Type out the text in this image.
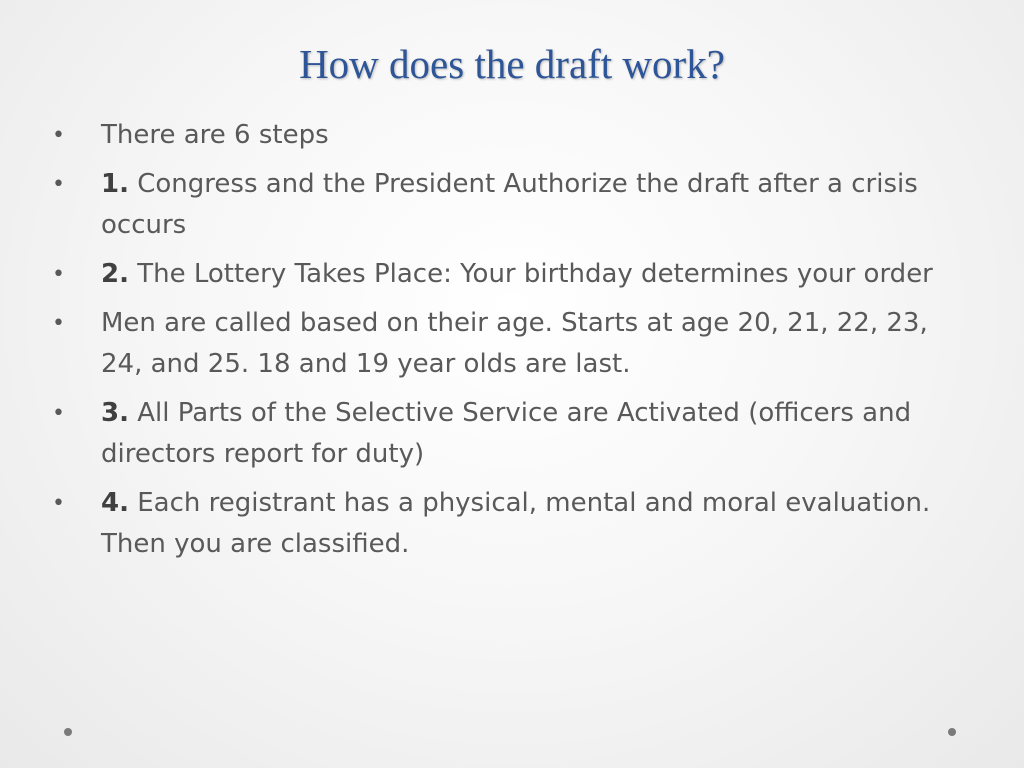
How does the draft work?
• There are 6 steps
• 1. Congress and the President Authorize the draft after a crisis occurs
• 2. The Lottery Takes Place: Your birthday determines your order
• Men are called based on their age. Starts at age 20, 21, 22, 23, 24, and 25. 18 and 19 year olds are last.
• 3. All Parts of the Selective Service are Activated (officers and directors report for duty)
• 4. Each registrant has a physical, mental and moral evaluation. Then you are classified.
